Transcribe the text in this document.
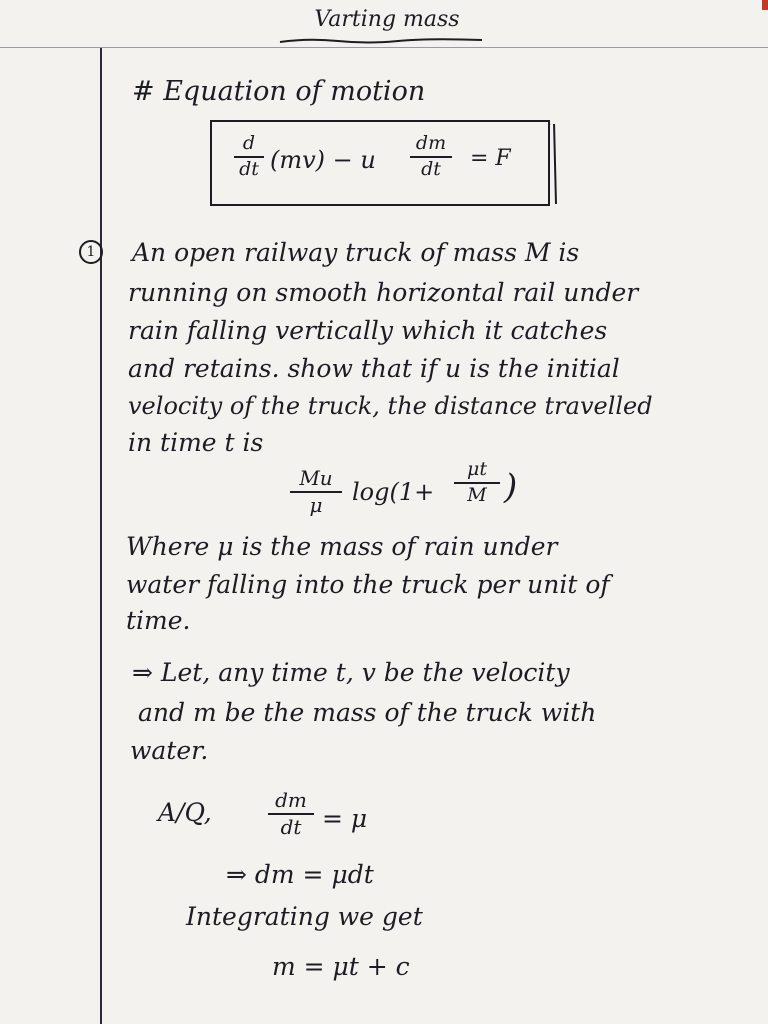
Varting mass
# Equation of motion
d
dt (mv) − u
dm
dt	= F
1	An open railway truck of mass M is
running on smooth horizontal rail under
rain falling vertically which it catches
and retains. show that if u is the initial
velocity of the truck, the distance travelled
in time t is
Mu
μ	log(1+
μt
M )
Where μ is the mass of rain under
water falling into the truck per unit of
time.
⇒ Let, any time t, v be the velocity
and m be the mass of the truck with
water.
A/Q,	dm
dt = μ
⇒ dm = μdt
Integrating we get
m = μt + c
